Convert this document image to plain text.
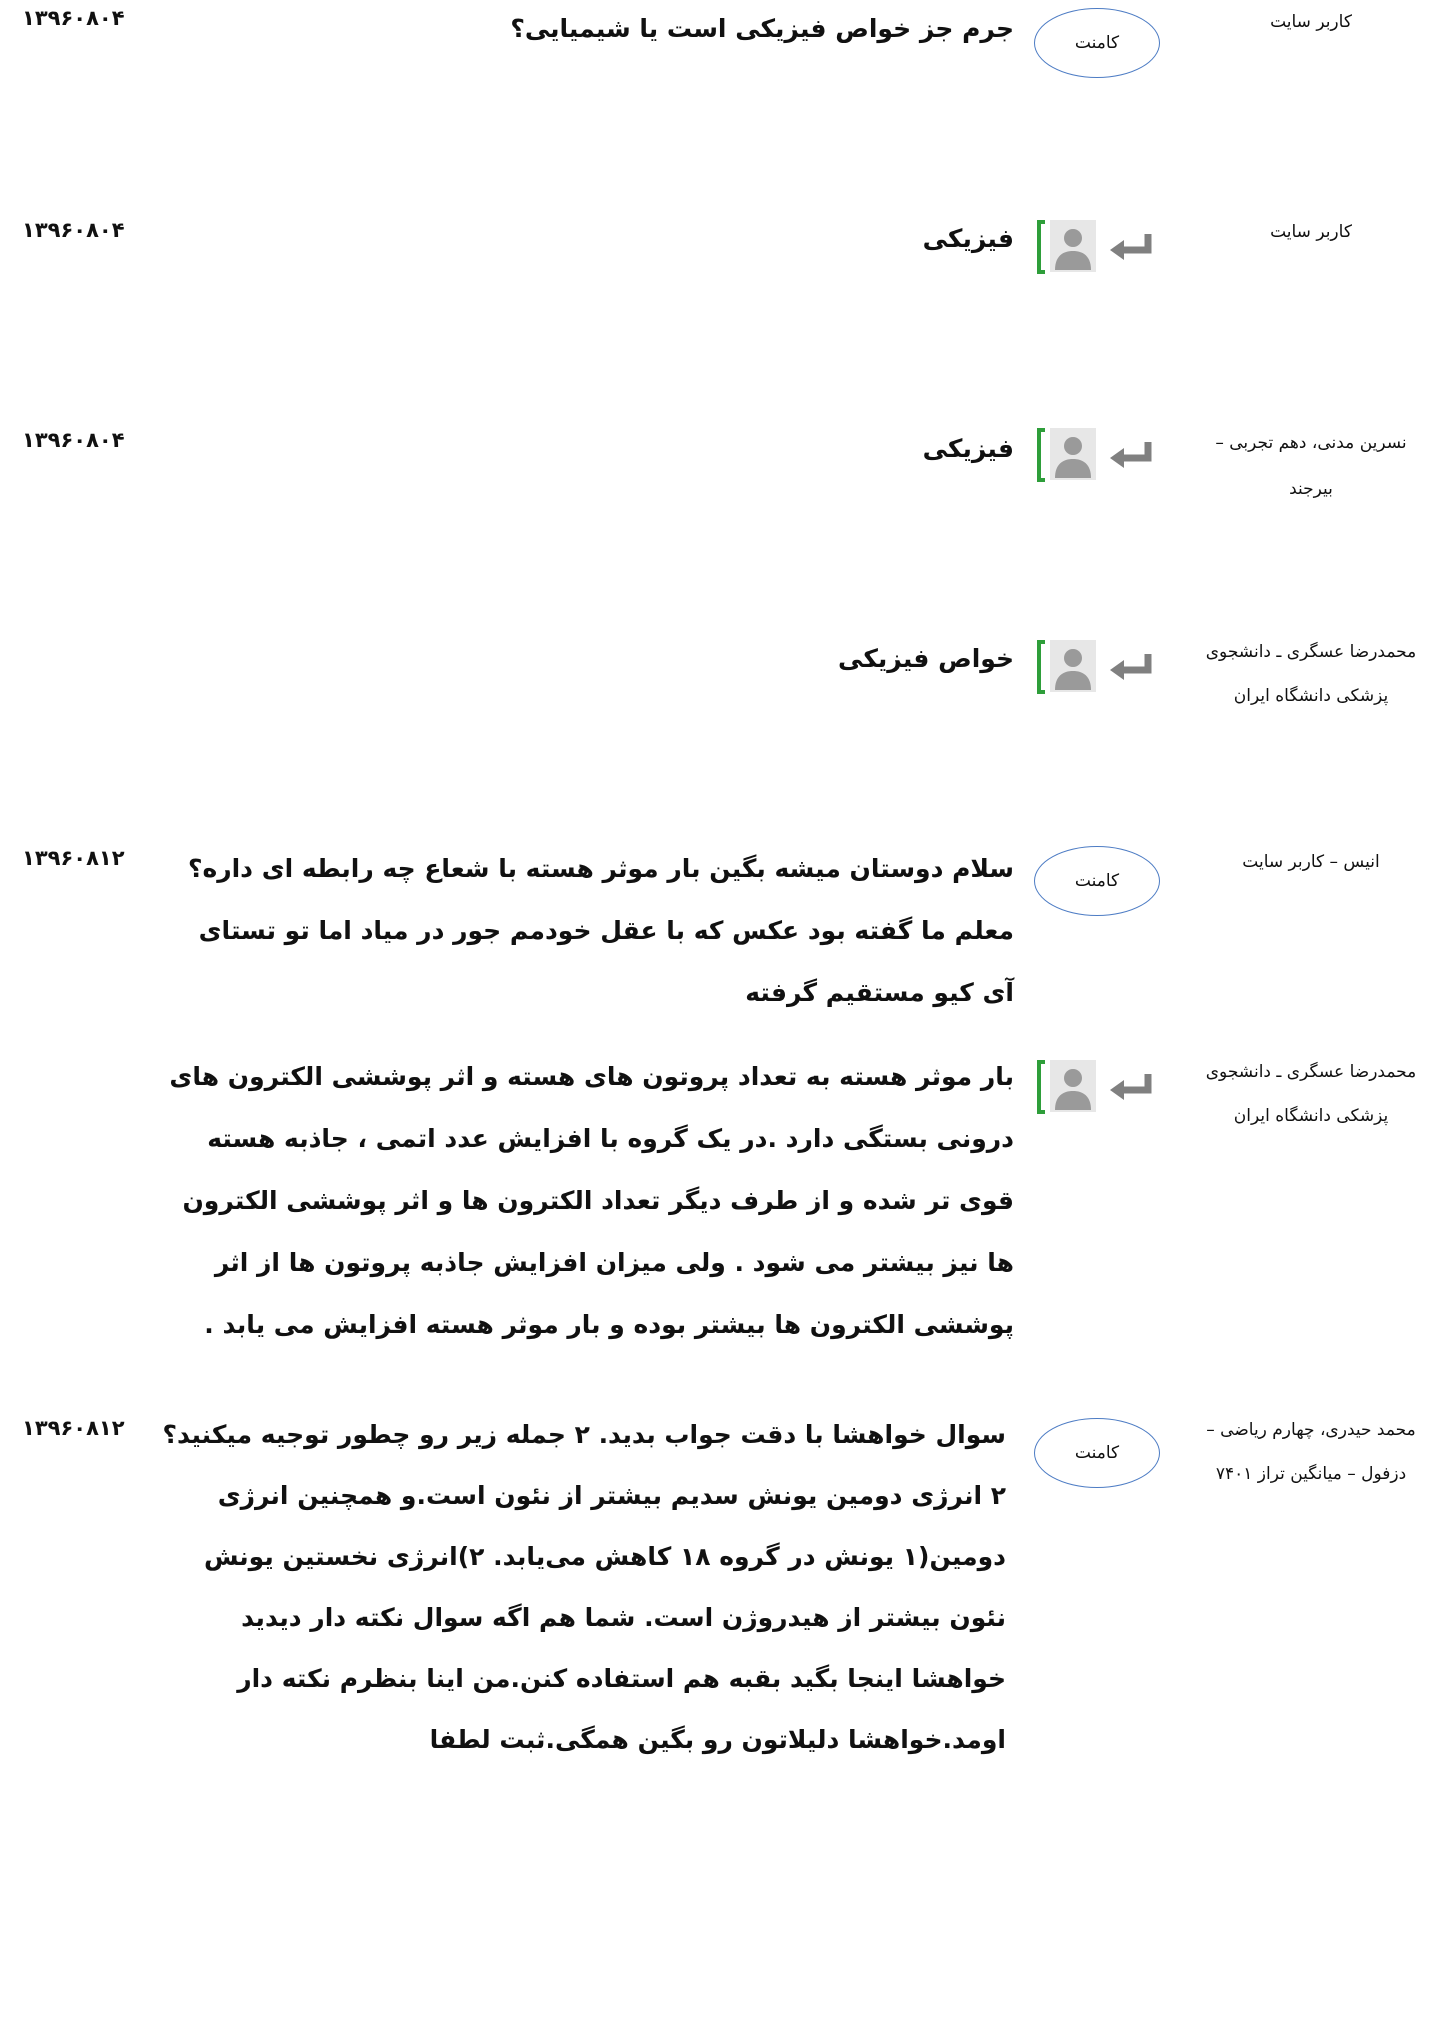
۱۳۹۶۰۸۰۴	کاربر سایت
کامنت
جرم جز خواص فیزیکی است یا شیمیایی؟
۱۳۹۶۰۸۰۴	کاربر سایت
فیزیکی
۱۳۹۶۰۸۰۴	نسرین مدنی، دهم تجربی – بیرجند
فیزیکی
محمدرضا عسگری ـ دانشجوی پزشکی دانشگاه ایران
خواص فیزیکی
۱۳۹۶۰۸۱۲	انیس – کاربر سایت
کامنت
سلام دوستان میشه بگین بار موثر هسته با شعاع چه رابطه ای داره؟ معلم ما گفته بود عکس که با عقل خودمم جور در میاد اما تو تستای آی کیو مستقیم گرفته
محمدرضا عسگری ـ دانشجوی پزشکی دانشگاه ایران
بار موثر هسته به تعداد پروتون های هسته و اثر پوششی الکترون های درونی بستگی دارد .در یک گروه با افزایش عدد اتمی ، جاذبه هسته قوی تر شده و از طرف دیگر تعداد الکترون ها و اثر پوششی الکترون ها نیز بیشتر می شود . ولی میزان افزایش جاذبه پروتون ها از اثر پوششی الکترون ها بیشتر بوده و بار موثر هسته افزایش می یابد .
۱۳۹۶۰۸۱۲	محمد حیدری، چهارم ریاضی – دزفول – میانگین تراز ۷۴۰۱
کامنت
سوال خواهشا با دقت جواب بدید. ۲ جمله زیر رو چطور توجیه میکنید؟ ۲ انرژی دومین یونش سدیم بیشتر از نئون است.و همچنین انرژی دومین(۱ یونش در گروه ۱۸ کاهش می‌یابد. ۲)انرژی نخستین یونش نئون بیشتر از هیدروژن است. شما هم اگه سوال نکته دار دیدید خواهشا اینجا بگید بقبه هم استفاده کنن.من اینا بنظرم نکته دار اومد.خواهشا دلیلاتون رو بگین همگی.ثبت لطفا
